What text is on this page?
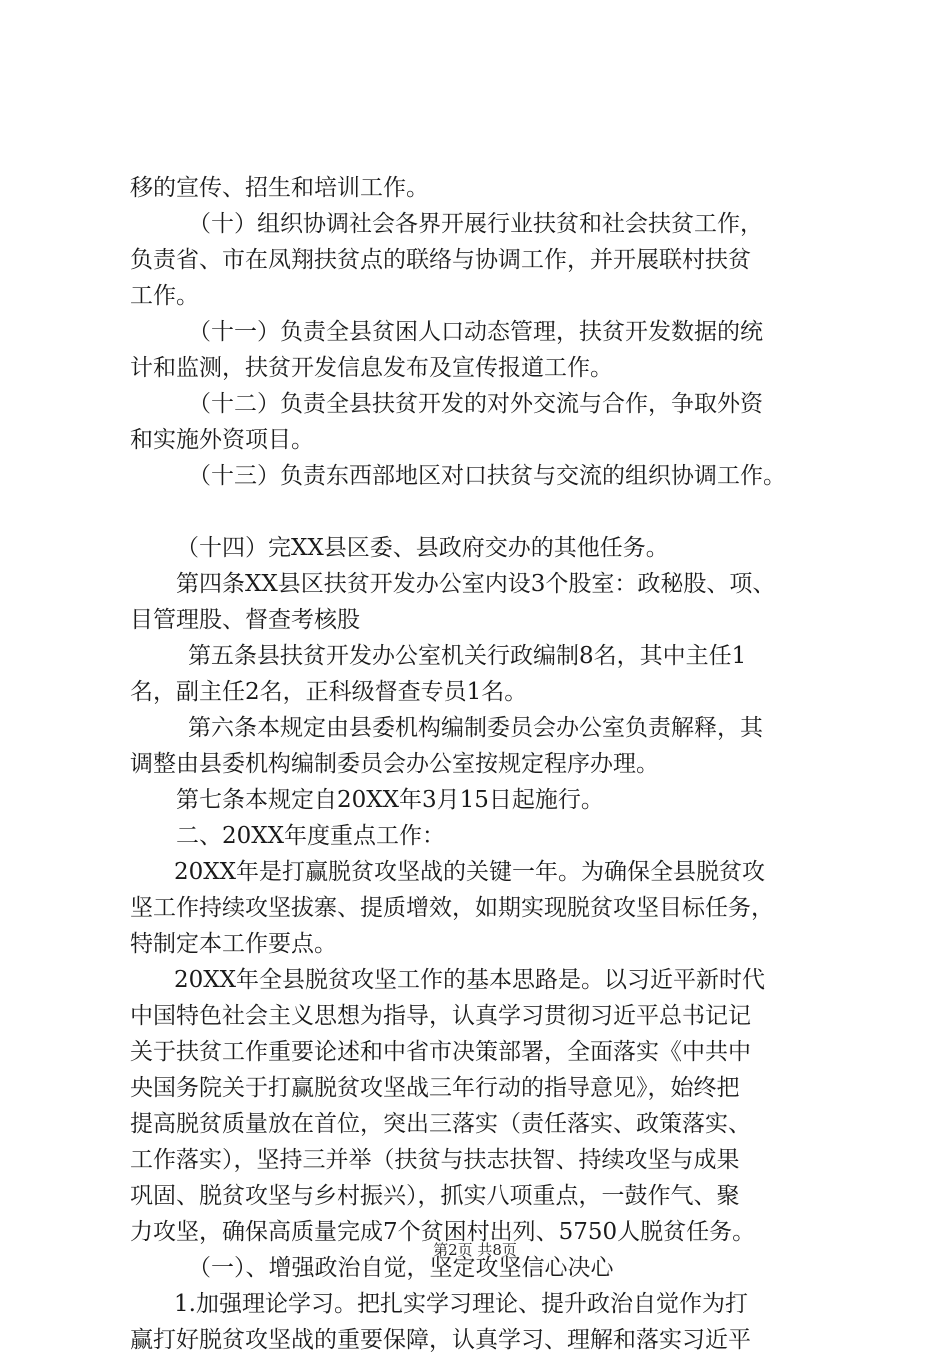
移的宣传、招生和培训工作。
（十）组织协调社会各界开展行业扶贫和社会扶贫工作，
负责省、市在凤翔扶贫点的联络与协调工作，并开展联村扶贫
工作。
（十一）负责全县贫困人口动态管理，扶贫开发数据的统
计和监测，扶贫开发信息发布及宣传报道工作。
（十二）负责全县扶贫开发的对外交流与合作，争取外资
和实施外资项目。
（十三）负责东西部地区对口扶贫与交流的组织协调工作。
（十四）完XX县区委、县政府交办的其他任务。
第四条XX县区扶贫开发办公室内设3个股室：政秘股、项、
目管理股、督查考核股
第五条县扶贫开发办公室机关行政编制8名，其中主任1
名，副主任2名，正科级督查专员1名。
第六条本规定由县委机构编制委员会办公室负责解释，其
调整由县委机构编制委员会办公室按规定程序办理。
第七条本规定自20XX年3月15日起施行。
二、20XX年度重点工作：
20XX年是打赢脱贫攻坚战的关键一年。为确保全县脱贫攻
坚工作持续攻坚拔寨、提质增效，如期实现脱贫攻坚目标任务，
特制定本工作要点。
20XX年全县脱贫攻坚工作的基本思路是。以习近平新时代
中国特色社会主义思想为指导，认真学习贯彻习近平总书记记
关于扶贫工作重要论述和中省市决策部署，全面落实《中共中
央国务院关于打赢脱贫攻坚战三年行动的指导意见》，始终把
提高脱贫质量放在首位，突出三落实（责任落实、政策落实、
工作落实），坚持三并举（扶贫与扶志扶智、持续攻坚与成果
巩固、脱贫攻坚与乡村振兴），抓实八项重点，一鼓作气、聚
力攻坚，确保高质量完成7个贫困村出列、5750人脱贫任务。
（一）、增强政治自觉，坚定攻坚信心决心
1.加强理论学习。把扎实学习理论、提升政治自觉作为打
赢打好脱贫攻坚战的重要保障，认真学习、理解和落实习近平
第2页 共8页
